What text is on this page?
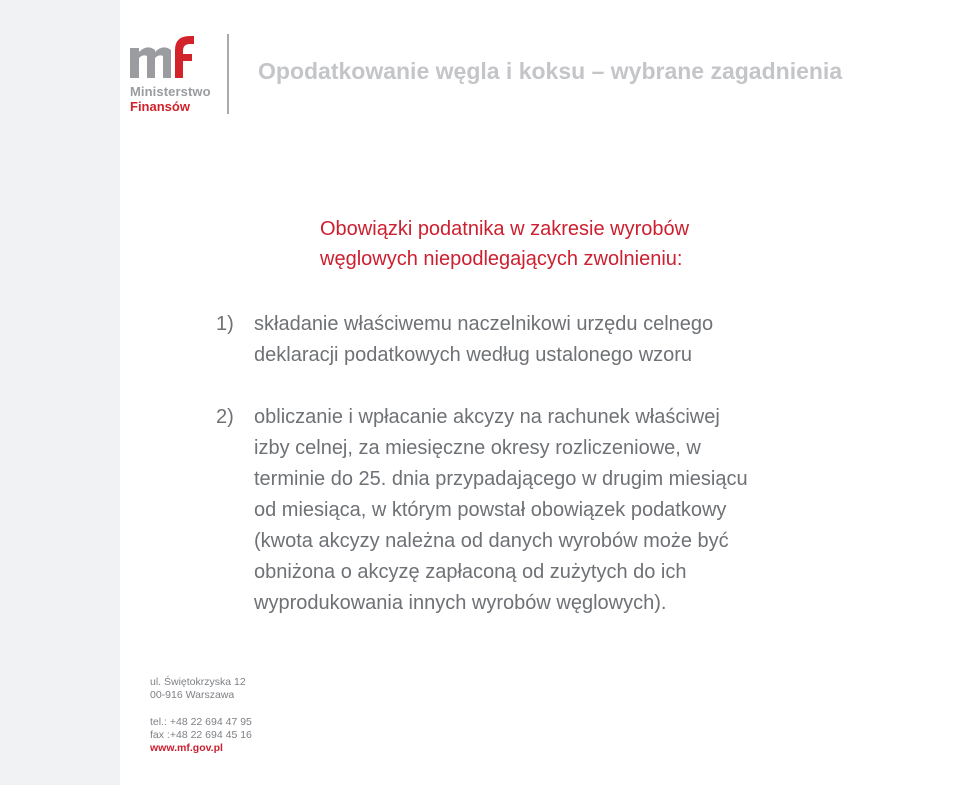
Ministerstwo
Finansów
Opodatkowanie węgla i koksu – wybrane zagadnienia
Obowiązki podatnika w zakresie wyrobów
węglowych niepodlegających zwolnieniu:
1) składanie właściwemu naczelnikowi urzędu celnego
deklaracji podatkowych według ustalonego wzoru
2) obliczanie i wpłacanie akcyzy na rachunek właściwej
izby celnej, za miesięczne okresy rozliczeniowe, w
terminie do 25. dnia przypadającego w drugim miesiącu
od miesiąca, w którym powstał obowiązek podatkowy
(kwota akcyzy należna od danych wyrobów może być
obniżona o akcyzę zapłaconą od zużytych do ich
wyprodukowania innych wyrobów węglowych).
ul. Świętokrzyska 12
00-916 Warszawa
tel.: +48 22 694 47 95
fax :+48 22 694 45 16
www.mf.gov.pl
